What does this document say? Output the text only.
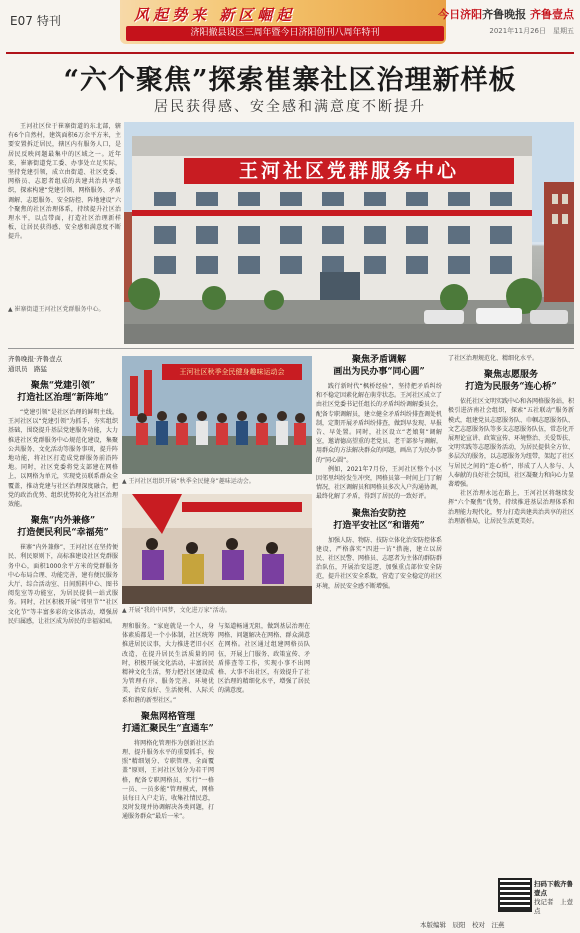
E07 特刊	风起势来 新区崛起
济阳撤县设区三周年暨今日济阳创刊八周年特刊
今日济阳齐鲁晚报 齐鲁壹点
2021年11月26日　星期五
“六个聚焦”探索崔寨社区治理新样板
居民获得感、安全感和满意度不断提升
王河社区位于崔寨街道的东北部，辖有6个自然村，建筑面积6万余平方米，主要安置拆迁居民，辖区内有服务人口，是居民反映问题最集中的区域之一。近年来，崔寨街道党工委、办事处立足实际，坚持党建引领，成立由街道、社区党委、网格员、志愿者组成的共建共治共享组织，探索构建“党建引领、网格服务、矛盾调解、志愿服务、安全防控、阵地建设”六个聚焦的社区治理体系，持续提升社区治理水平，以点带面，打造社区治理新样板，让居民获得感、安全感和满意度不断提升。
▲ 崔寨街道王河社区党群服务中心。
王河社区党群服务中心
齐鲁晚报·齐鲁壹点
通讯员　路猛
聚焦“党建引领”
打造社区治理“新阵地”

“党建引领”是社区治理的鲜明主线。王河社区以“党建引领”为抓手，夯实组织基础，围绕提升基层党建服务功能，大力推进社区党群服务中心规范化建设，集聚公共服务、文化活动等服务事项，提升阵地功能，将社区打造成党群服务前沿阵地。同时，社区党委将党支部建在网格上，以网格为单元，实现党员联系群众全覆盖，推动党建与社区治理深度融合，把党的政治优势、组织优势转化为社区治理效能。

聚焦“内外兼修”
打造便民利民“幸福苑”

崔寨“内外兼修”，王河社区在坚持便民、利民原则下，高标准建设社区党群服务中心，面积1000余平方米的党群服务中心布局合理、功能完善，建有便民服务大厅、综合活动室、日间照料中心、图书阅览室等功能室，为居民提供一站式服务。同时，社区积极开展“邻里节”“社区文化节”等丰富多彩的文体活动，增强居民归属感，让社区成为居民的幸福家园。

王河社区秋季全民健身趣味运动会
▲ 王河社区组织开展“秋季全民健身”趣味运动会。
▲ 开展“我的中国梦，文化进万家”活动。

理和服务。“家庭就是一个人，身体素质都是一个小体制，社区统筹推进居民议事，大力推进老旧小区改造，在提升居民生活质量的同时，积极开展文化活动，丰富居民精神文化生活，努力把社区建设成为管理有序、服务完善、环境优美、治安良好、生活便利、人际关系和谐的新型社区。”

聚焦网格管理
打通汇聚民生“直通车”

将网格化管理作为创新社区治理、提升服务水平的重要抓手，按照“精细划分、专职管理、全面覆盖”原则，王河社区划分为若干网格，配备专职网格员，实行“一格一员、一员多能”管理模式，网格员每日入户走访，收集社情民意，及时发现并协调解决各类问题，打通服务群众“最后一米”。

与渠道畅通无阻，做到基层治理在网格、问题解决在网格、群众满意在网格。社区通过组建网格员队伍，开展上门服务、政策宣传、矛盾排查等工作，实现小事不出网格、大事不出社区，有效提升了社区治理的精细化水平，增强了居民的满意度。

聚焦矛盾调解
画出为民办事“同心圆”

践行新时代“枫桥经验”，坚持把矛盾纠纷和不稳定因素化解在萌芽状态。王河社区成立了由社区党委书记任组长的矛盾纠纷调解委员会，配备专职调解员，建立健全矛盾纠纷排查调处机制，定期开展矛盾纠纷排查，做到早发现、早报告、早处置。同时，社区设立“老娘舅”调解室，邀请德高望重的老党员、老干部参与调解，用群众的方法解决群众的问题，画出了为民办事的“同心圆”。

例如，2021年7月份，王河社区整个小区因邻里纠纷发生冲突，网格员第一时间上门了解情况，社区调解员和网格员多次入户沟通协调，最终化解了矛盾，得到了居民的一致好评。

聚焦治安防控
打造平安社区“和谐苑”

加强人防、物防、技防立体化治安防控体系建设，严格落实“四进一访”措施，建立以居民、社区民警、网格员、志愿者为主体的群防群治队伍，开展治安巡逻，加强重点部位安全防范，提升社区安全系数，营造了安全稳定的社区环境，居民安全感不断增强。

了社区治理规范化、精细化水平。

聚焦志愿服务
打造为民服务“连心桥”

依托社区文明实践中心和各网格服务站，积极引进济南社会组织，探索“五社联动”服务新模式，组建党员志愿服务队、巾帼志愿服务队、文艺志愿服务队等多支志愿服务队伍，常态化开展理论宣讲、政策宣传、环境整治、关爱帮扶、文明实践等志愿服务活动，为居民提供全方位、多层次的服务，以志愿服务为纽带，架起了社区与居民之间的“连心桥”，形成了人人参与、人人奉献的良好社会氛围，社区凝聚力和向心力显著增强。

社区治理永远在路上，王河社区将继续发挥“六个聚焦”优势，持续推进基层治理体系和治理能力现代化，努力打造共建共治共享的社区治理新格局，让居民生活更美好。

扫码下载齐鲁壹点
找记者　上壹点
本版编辑　辰阳　校对　汪燕
